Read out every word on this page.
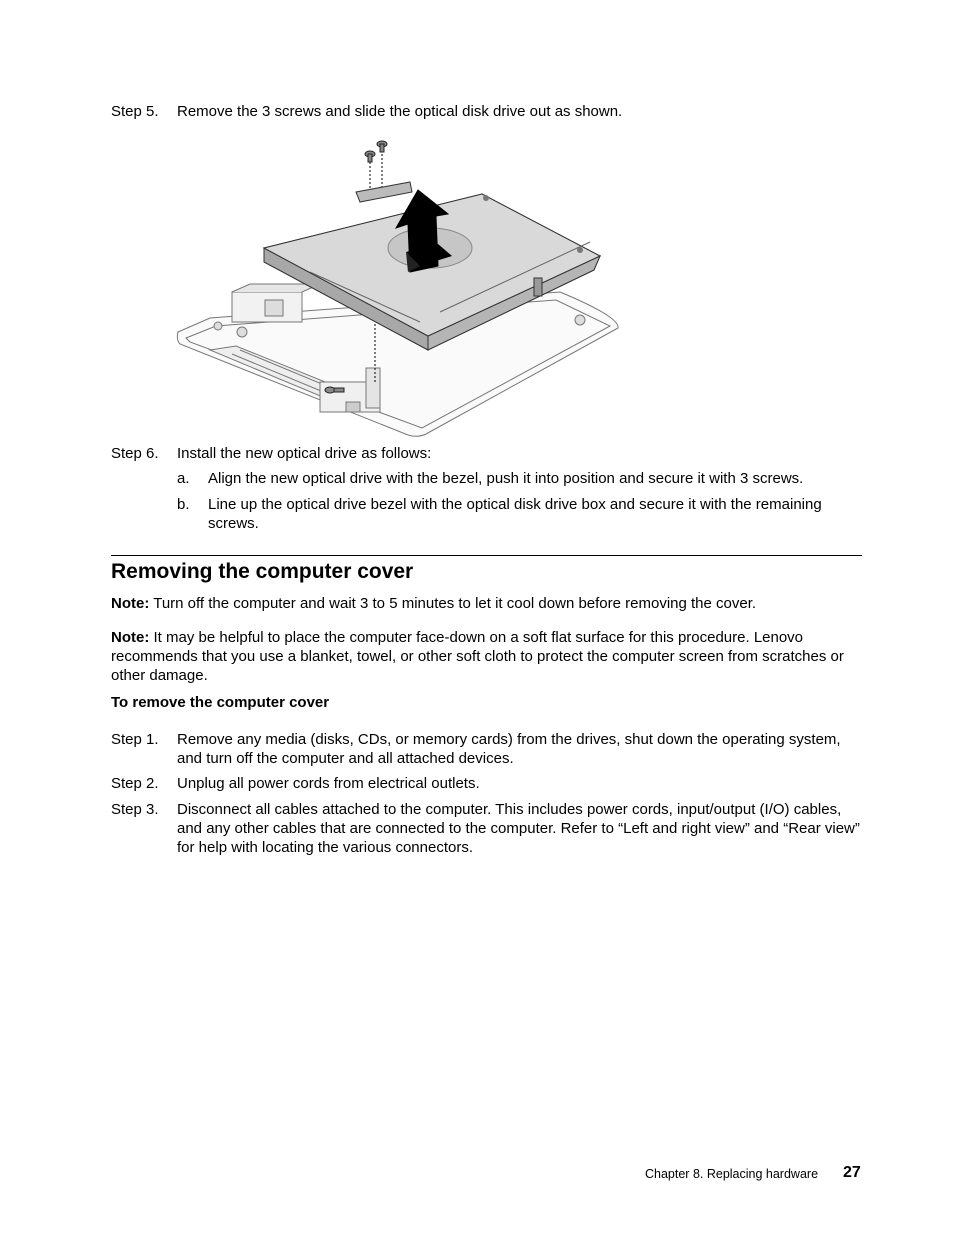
Step 5.	Remove the 3 screws and slide the optical disk drive out as shown.
Step 6.	Install the new optical drive as follows:
a.	Align the new optical drive with the bezel, push it into position and secure it with 3 screws.
b.	Line up the optical drive bezel with the optical disk drive box and secure it with the remaining screws.
Removing the computer cover
Note: Turn off the computer and wait 3 to 5 minutes to let it cool down before removing the cover.
Note: It may be helpful to place the computer face-down on a soft flat surface for this procedure. Lenovo recommends that you use a blanket, towel, or other soft cloth to protect the computer screen from scratches or other damage.
To remove the computer cover
Step 1.	Remove any media (disks, CDs, or memory cards) from the drives, shut down the operating system, and turn off the computer and all attached devices.
Step 2.	Unplug all power cords from electrical outlets.
Step 3.	Disconnect all cables attached to the computer. This includes power cords, input/output (I/O) cables, and any other cables that are connected to the computer. Refer to “Left and right view” and “Rear view” for help with locating the various connectors.
Chapter 8. Replacing hardware 27
